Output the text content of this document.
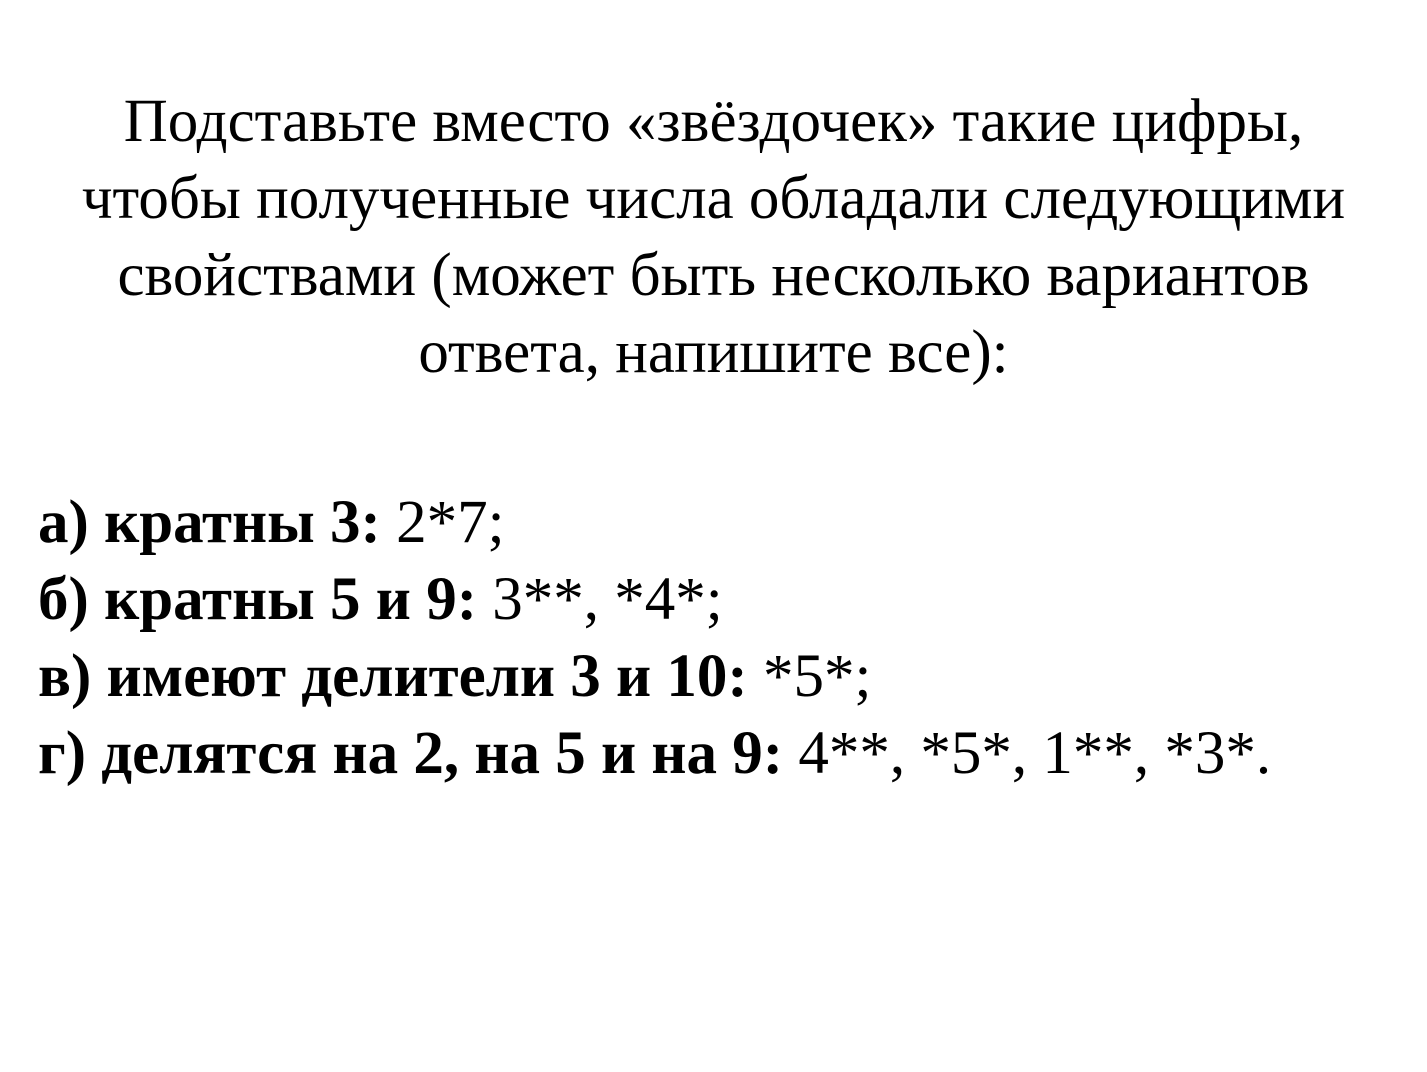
Подставьте вместо «звёздочек» такие цифры,
чтобы полученные числа обладали следующими
свойствами (может быть несколько вариантов
ответа, напишите все):

а) кратны 3: 2*7;
б) кратны 5 и 9: 3**, *4*;
в) имеют делители 3 и 10: *5*;
г) делятся на 2, на 5 и на 9: 4**, *5*, 1**, *3*.
